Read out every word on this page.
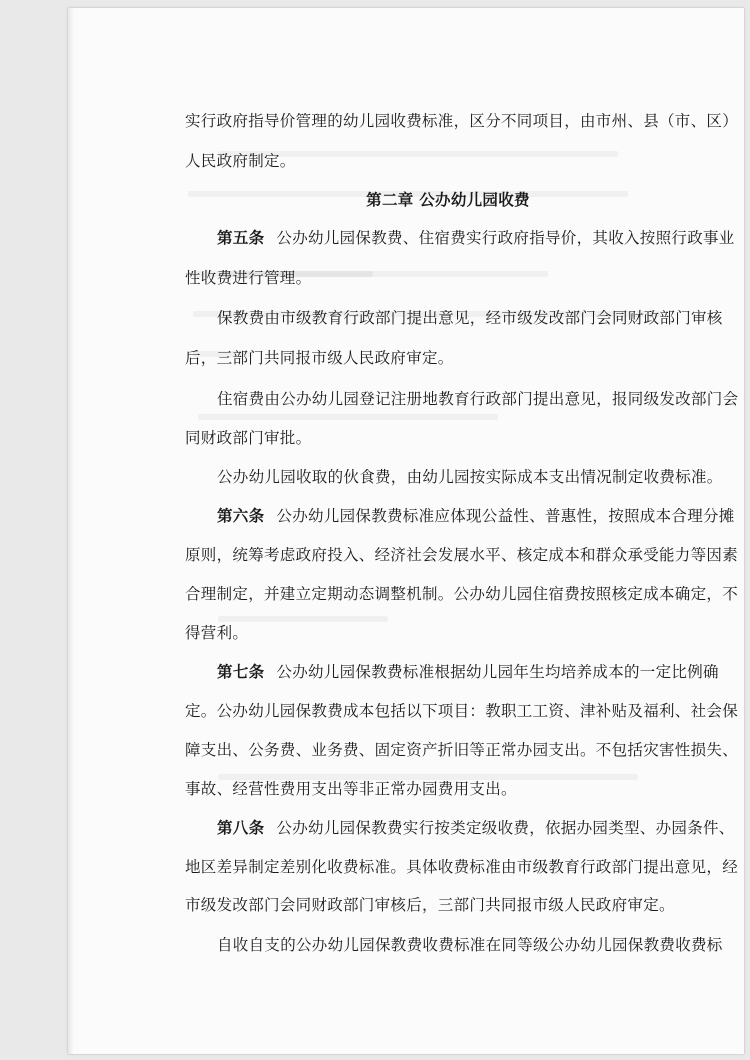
实行政府指导价管理的幼儿园收费标准，区分不同项目，由市州、县（市、区）
人民政府制定。
第二章 公办幼儿园收费
第五条 公办幼儿园保教费、住宿费实行政府指导价，其收入按照行政事业
性收费进行管理。
保教费由市级教育行政部门提出意见，经市级发改部门会同财政部门审核
后，三部门共同报市级人民政府审定。
住宿费由公办幼儿园登记注册地教育行政部门提出意见，报同级发改部门会
同财政部门审批。
公办幼儿园收取的伙食费，由幼儿园按实际成本支出情况制定收费标准。
第六条 公办幼儿园保教费标准应体现公益性、普惠性，按照成本合理分摊
原则，统筹考虑政府投入、经济社会发展水平、核定成本和群众承受能力等因素
合理制定，并建立定期动态调整机制。公办幼儿园住宿费按照核定成本确定，不
得营利。
第七条 公办幼儿园保教费标准根据幼儿园年生均培养成本的一定比例确
定。公办幼儿园保教费成本包括以下项目：教职工工资、津补贴及福利、社会保
障支出、公务费、业务费、固定资产折旧等正常办园支出。不包括灾害性损失、
事故、经营性费用支出等非正常办园费用支出。
第八条 公办幼儿园保教费实行按类定级收费，依据办园类型、办园条件、
地区差异制定差别化收费标准。具体收费标准由市级教育行政部门提出意见，经
市级发改部门会同财政部门审核后，三部门共同报市级人民政府审定。
自收自支的公办幼儿园保教费收费标准在同等级公办幼儿园保教费收费标
